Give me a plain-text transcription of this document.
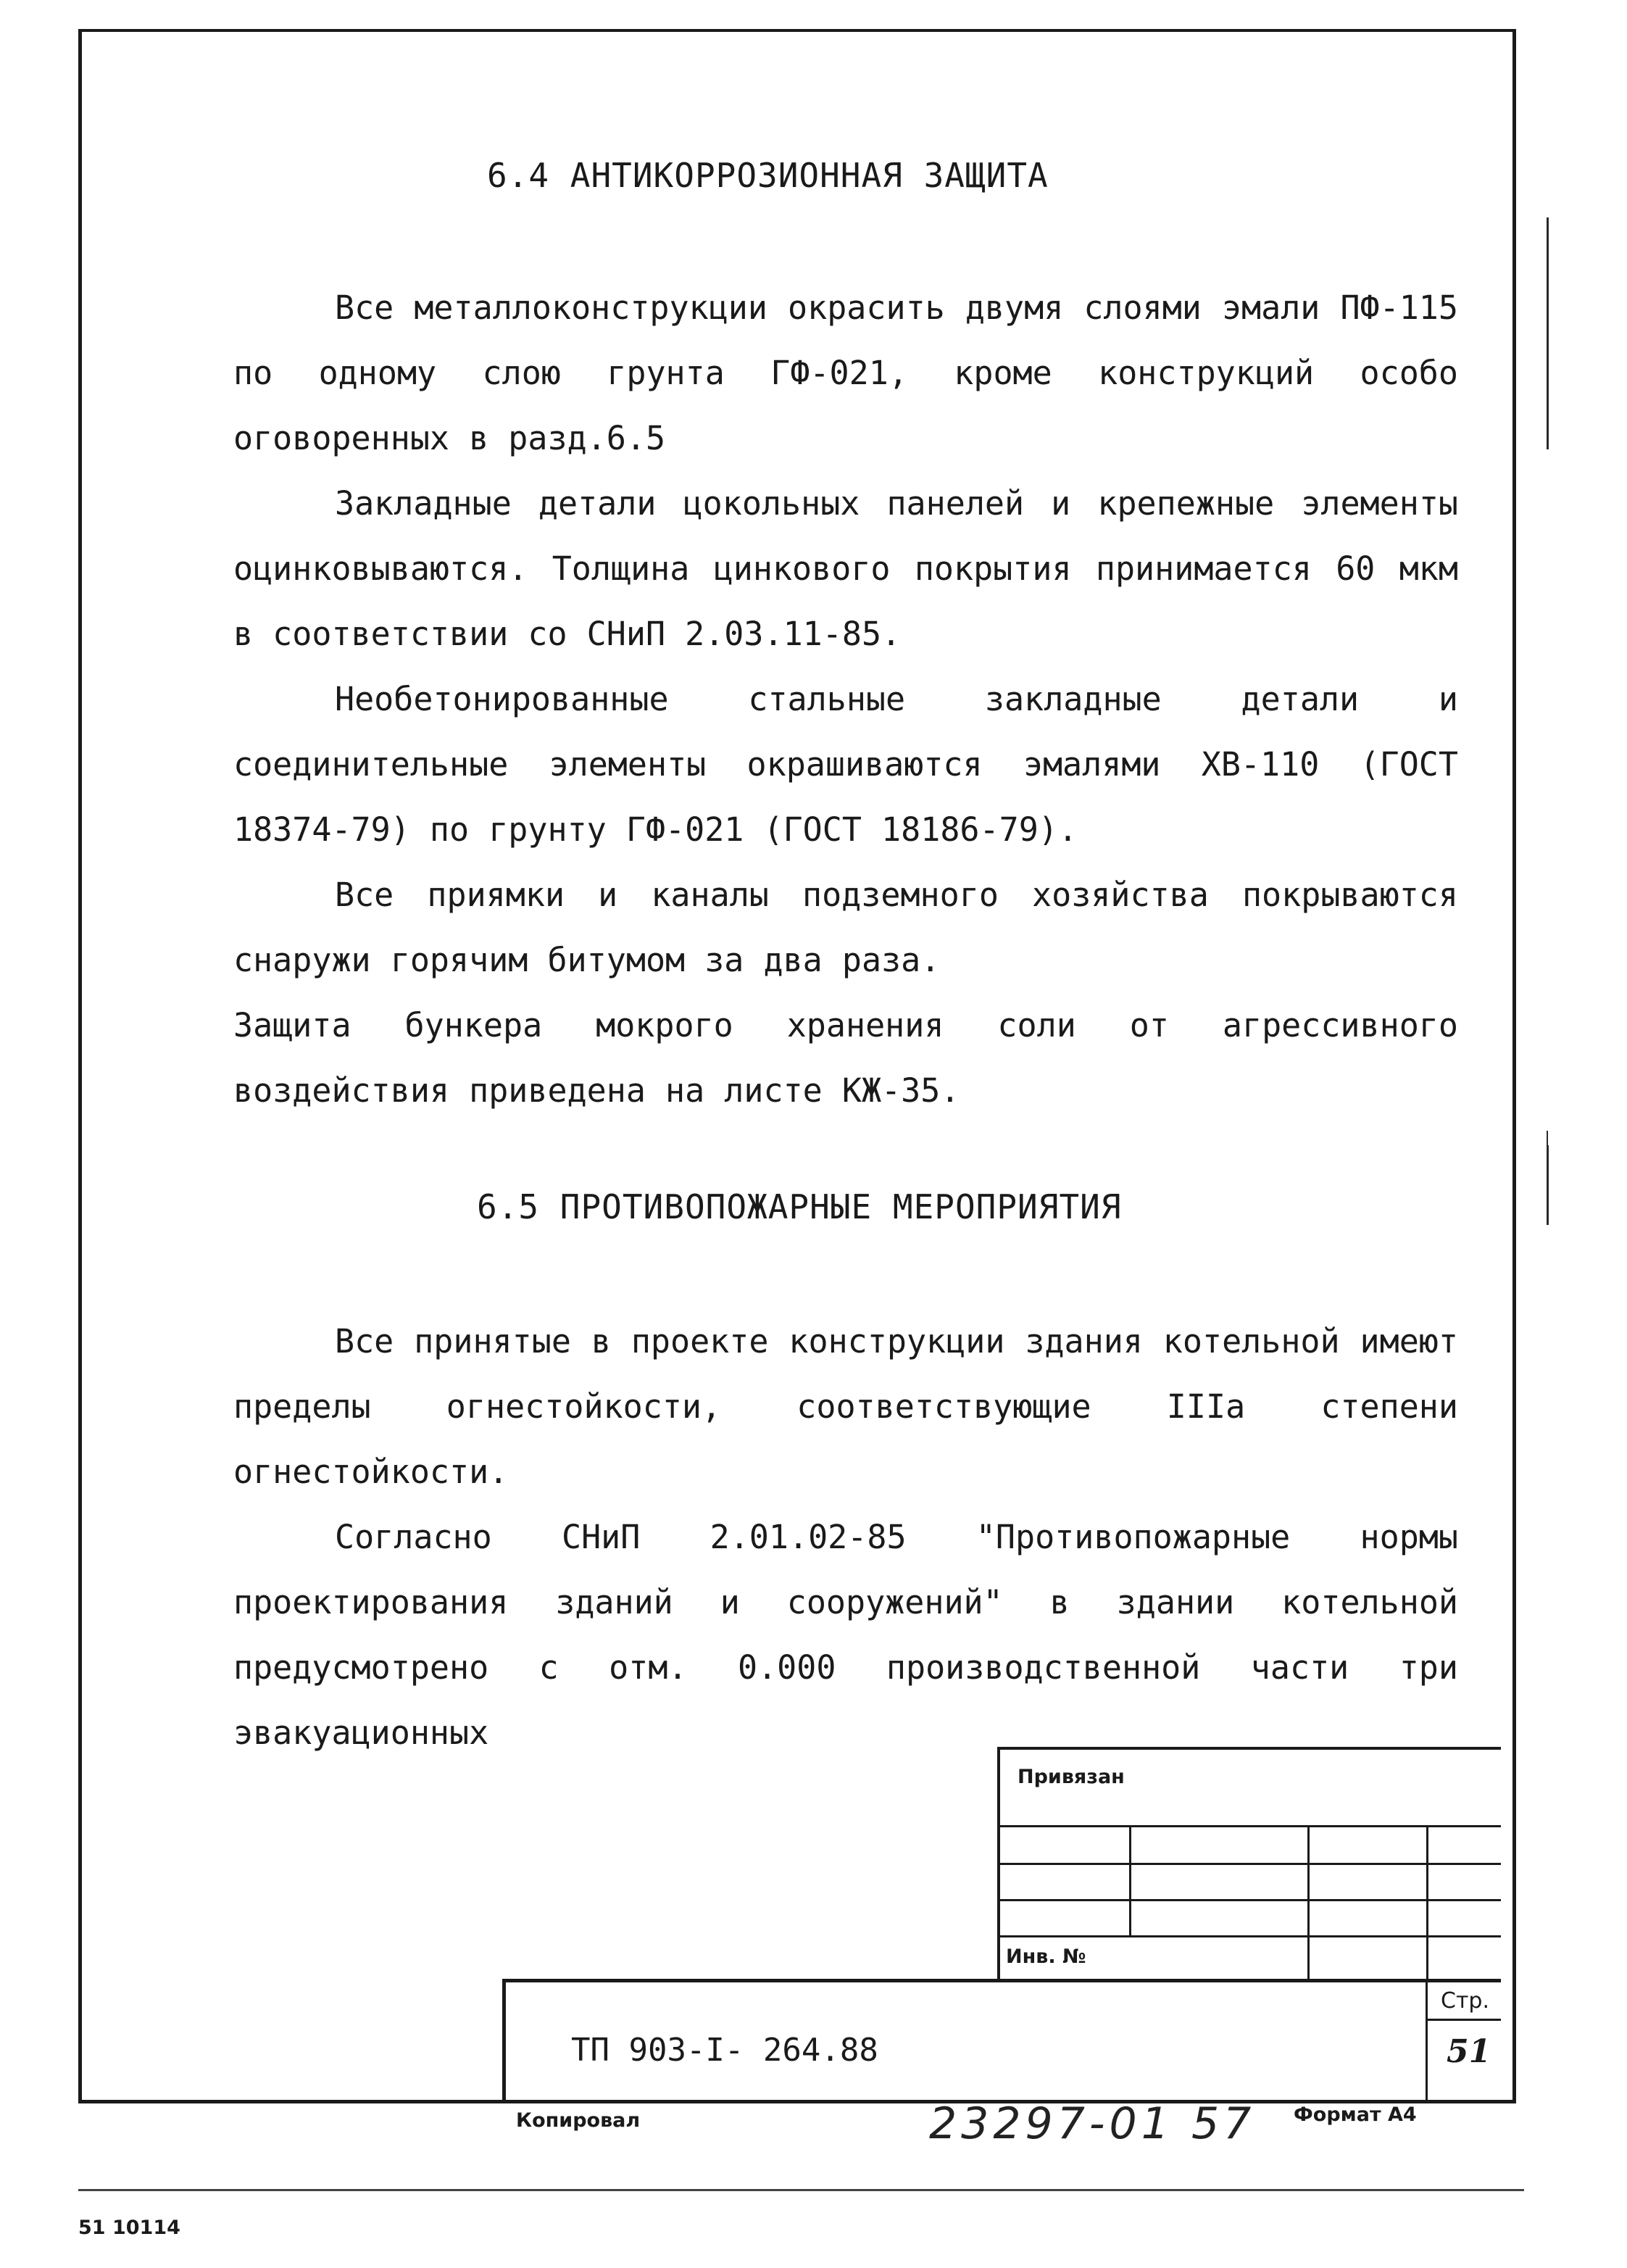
6.4 АНТИКОРРОЗИОННАЯ ЗАЩИТА

Все металлоконструкции окрасить двумя слоями эмали ПФ-115 по одному слою грунта ГФ-021, кроме конструкций особо оговоренных в разд.6.5

Закладные детали цокольных панелей и крепежные элементы оцинковываются. Толщина цинкового покрытия принимается 60 мкм в соответствии со СНиП 2.03.11-85.

Необетонированные стальные закладные детали и соединительные элементы окрашиваются эмалями ХВ-110 (ГОСТ 18374-79) по грунту ГФ-021 (ГОСТ 18186-79).

Все приямки и каналы подземного хозяйства покрываются снаружи горячим битумом за два раза.

Защита бункера мокрого хранения соли от агрессивного воздействия приведена на листе КЖ-35.

6.5 ПРОТИВОПОЖАРНЫЕ МЕРОПРИЯТИЯ

Все принятые в проекте конструкции здания котельной имеют пределы огнестойкости, соответствующие IIIа степени огнестойкости.

Согласно СНиП 2.01.02-85 "Противопожарные нормы проектирования зданий и сооружений" в здании котельной предусмотрено с отм. 0.000 производственной части три эвакуационных

Привязан
Инв. №
ТП 903-I- 264.88
Стр.
51
Копировал	23297-01 57 Формат А4
51 10114
